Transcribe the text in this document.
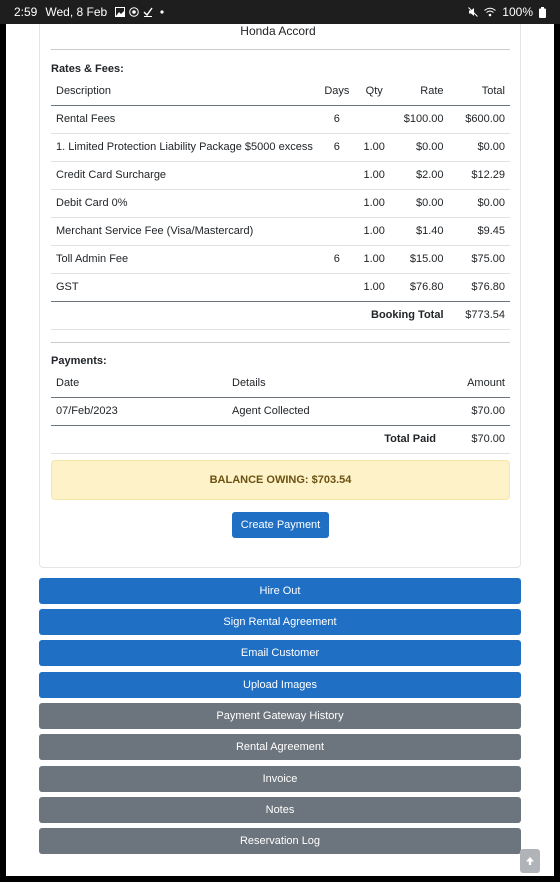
2:59 Wed, 8 Feb	100%
Honda Accord
Rates & Fees:
Description	Days	Qty	Rate	Total
Rental Fees	6		$100.00	$600.00
1. Limited Protection Liability Package $5000 excess	6	1.00	$0.00	$0.00
Credit Card Surcharge		1.00	$2.00	$12.29
Debit Card 0%		1.00	$0.00	$0.00
Merchant Service Fee (Visa/Mastercard)		1.00	$1.40	$9.45
Toll Admin Fee	6	1.00	$15.00	$75.00
GST		1.00	$76.80	$76.80
Booking Total				$773.54
Payments:
Date	Details	Amount
07/Feb/2023	Agent Collected	$70.00
Total Paid		$70.00
BALANCE OWING: $703.54
Create Payment
Hire Out
Sign Rental Agreement
Email Customer
Upload Images
Payment Gateway History
Rental Agreement
Invoice
Notes
Reservation Log
